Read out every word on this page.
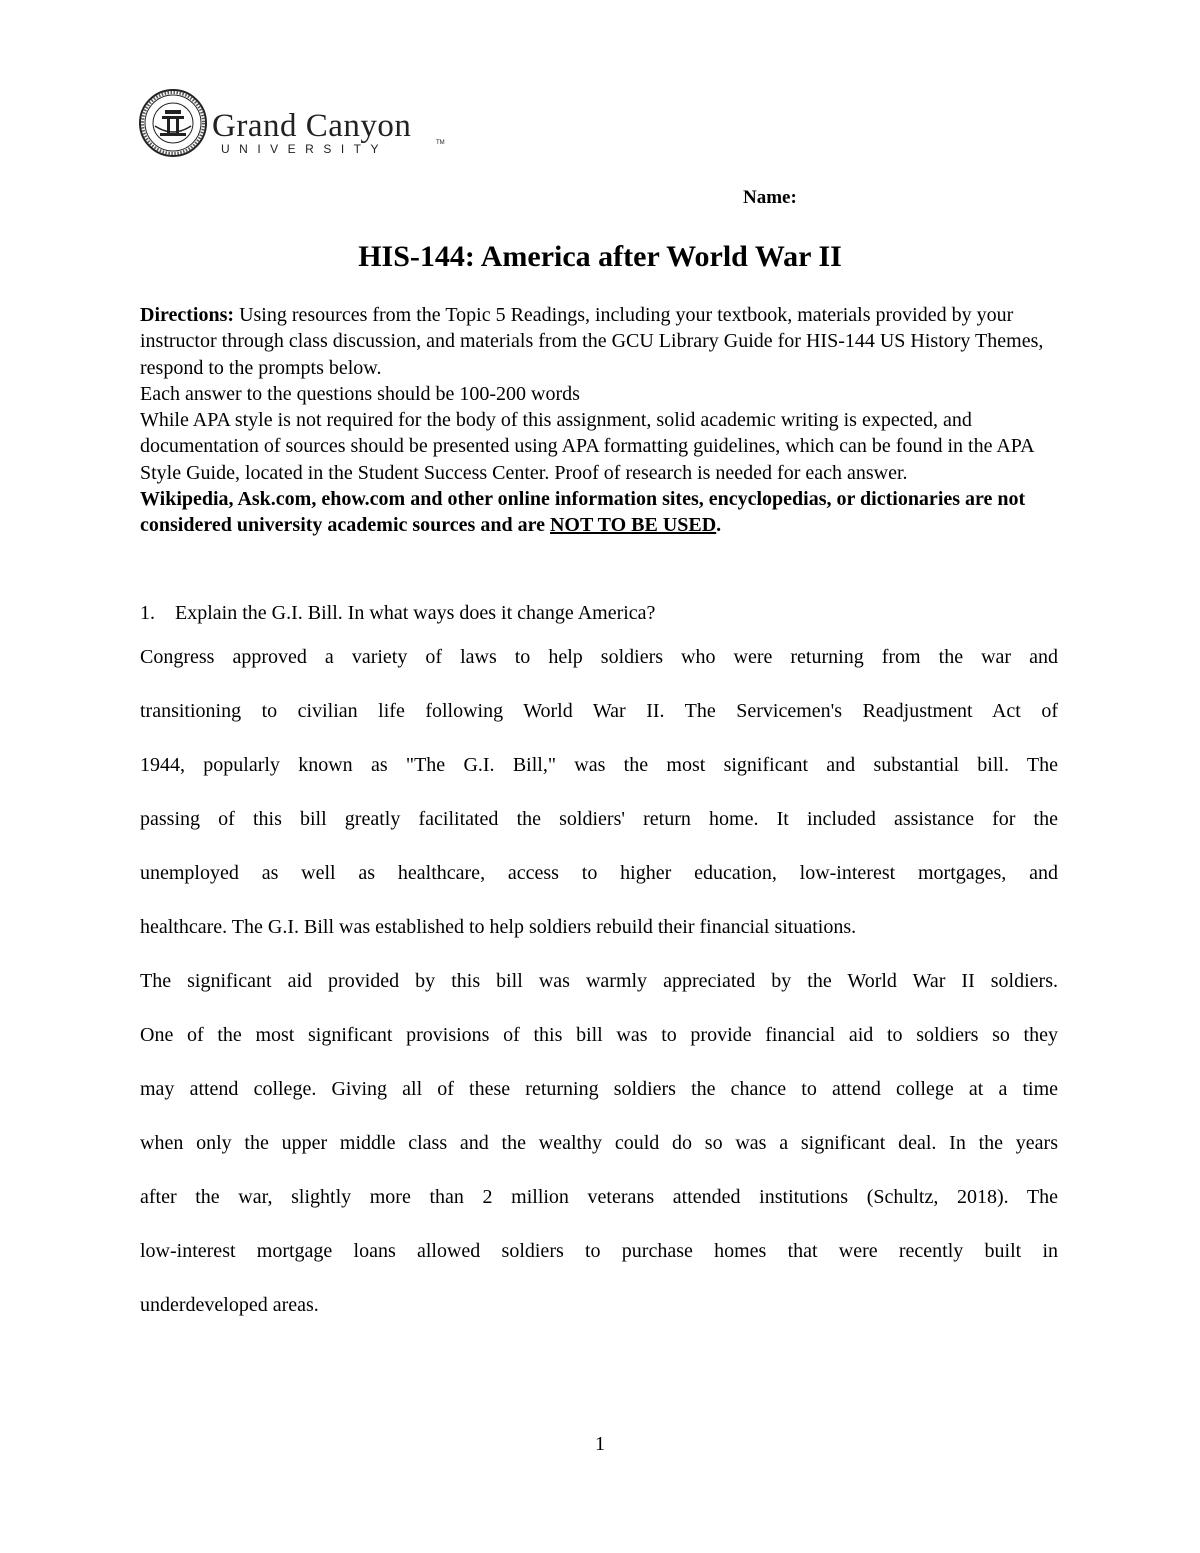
Grand Canyon
UNIVERSITY	TM
Name:
HIS-144: America after World War II

Directions: Using resources from the Topic 5 Readings, including your textbook, materials provided by your instructor through class discussion, and materials from the GCU Library Guide for HIS-144 US History Themes, respond to the prompts below.

Each answer to the questions should be 100-200 words

While APA style is not required for the body of this assignment, solid academic writing is expected, and documentation of sources should be presented using APA formatting guidelines, which can be found in the APA Style Guide, located in the Student Success Center. Proof of research is needed for each answer.

Wikipedia, Ask.com, ehow.com and other online information sites, encyclopedias, or dictionaries are not considered university academic sources and are NOT TO BE USED.

1. Explain the G.I. Bill. In what ways does it change America?
Congress approved a variety of laws to help soldiers who were returning from the war and
transitioning to civilian life following World War II. The Servicemen's Readjustment Act of
1944, popularly known as "The G.I. Bill," was the most significant and substantial bill. The
passing of this bill greatly facilitated the soldiers' return home. It included assistance for the
unemployed as well as healthcare, access to higher education, low-interest mortgages, and
healthcare. The G.I. Bill was established to help soldiers rebuild their financial situations.
The significant aid provided by this bill was warmly appreciated by the World War II soldiers.
One of the most significant provisions of this bill was to provide financial aid to soldiers so they
may attend college. Giving all of these returning soldiers the chance to attend college at a time
when only the upper middle class and the wealthy could do so was a significant deal. In the years
after the war, slightly more than 2 million veterans attended institutions (Schultz, 2018). The
low-interest mortgage loans allowed soldiers to purchase homes that were recently built in
underdeveloped areas.
1
